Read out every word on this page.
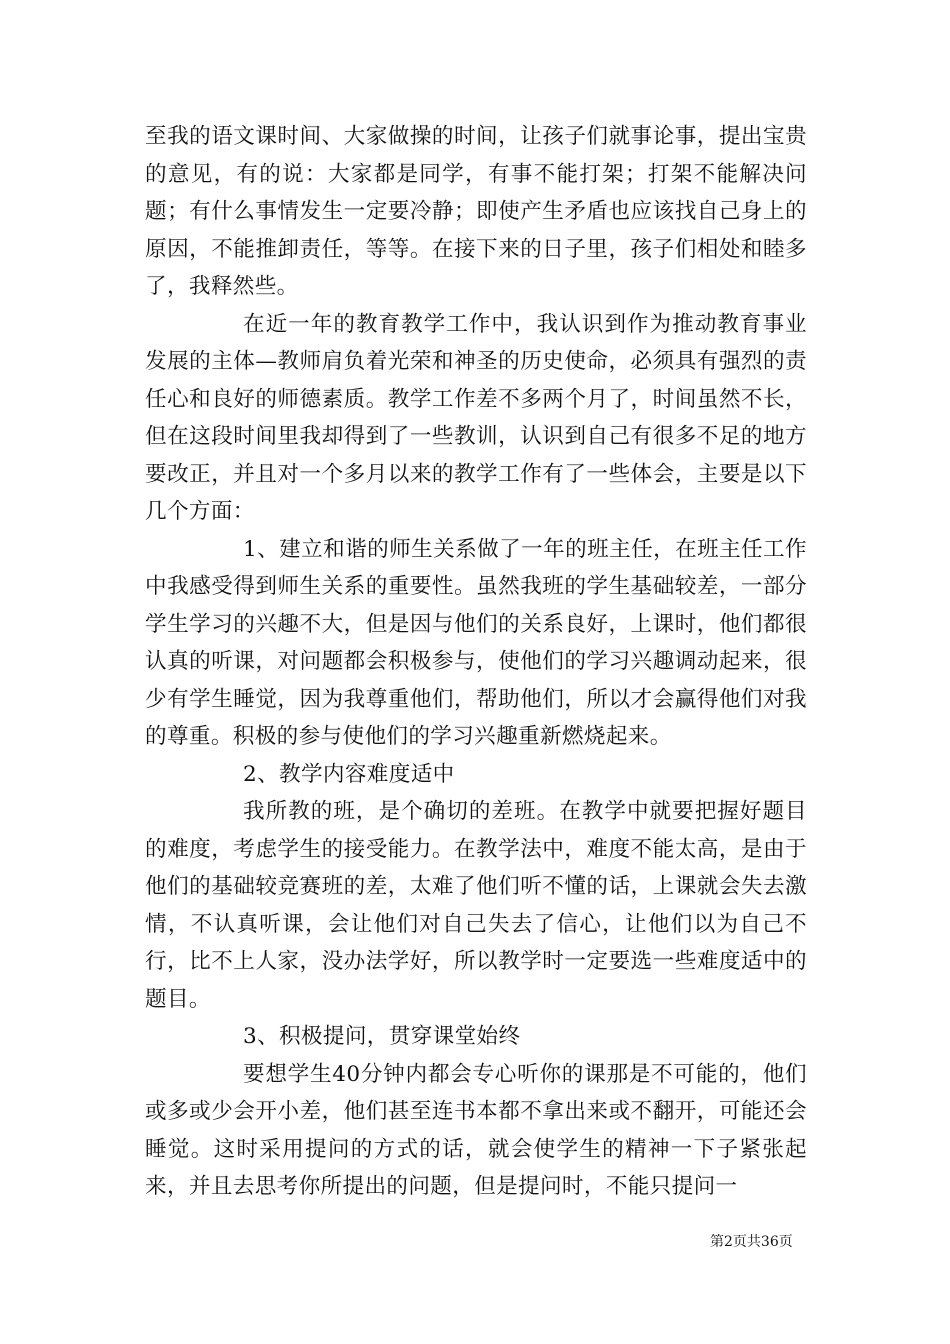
至我的语文课时间、大家做操的时间，让孩子们就事论事，提出宝贵的意见，有的说：大家都是同学，有事不能打架；打架不能解决问题；有什么事情发生一定要冷静；即使产生矛盾也应该找自己身上的原因，不能推卸责任，等等。在接下来的日子里，孩子们相处和睦多了，我释然些。

在近一年的教育教学工作中，我认识到作为推动教育事业发展的主体—教师肩负着光荣和神圣的历史使命，必须具有强烈的责任心和良好的师德素质。教学工作差不多两个月了，时间虽然不长，但在这段时间里我却得到了一些教训，认识到自己有很多不足的地方要改正，并且对一个多月以来的教学工作有了一些体会，主要是以下几个方面：

1、建立和谐的师生关系做了一年的班主任，在班主任工作中我感受得到师生关系的重要性。虽然我班的学生基础较差，一部分学生学习的兴趣不大，但是因与他们的关系良好，上课时，他们都很认真的听课，对问题都会积极参与，使他们的学习兴趣调动起来，很少有学生睡觉，因为我尊重他们，帮助他们，所以才会赢得他们对我的尊重。积极的参与使他们的学习兴趣重新燃烧起来。

2、教学内容难度适中

我所教的班，是个确切的差班。在教学中就要把握好题目的难度，考虑学生的接受能力。在教学法中，难度不能太高，是由于他们的基础较竞赛班的差，太难了他们听不懂的话，上课就会失去激情，不认真听课，会让他们对自己失去了信心，让他们以为自己不行，比不上人家，没办法学好，所以教学时一定要选一些难度适中的题目。

3、积极提问，贯穿课堂始终

要想学生40分钟内都会专心听你的课那是不可能的，他们或多或少会开小差，他们甚至连书本都不拿出来或不翻开，可能还会睡觉。这时采用提问的方式的话，就会使学生的精神一下子紧张起来，并且去思考你所提出的问题，但是提问时，不能只提问一

第2页共36页
